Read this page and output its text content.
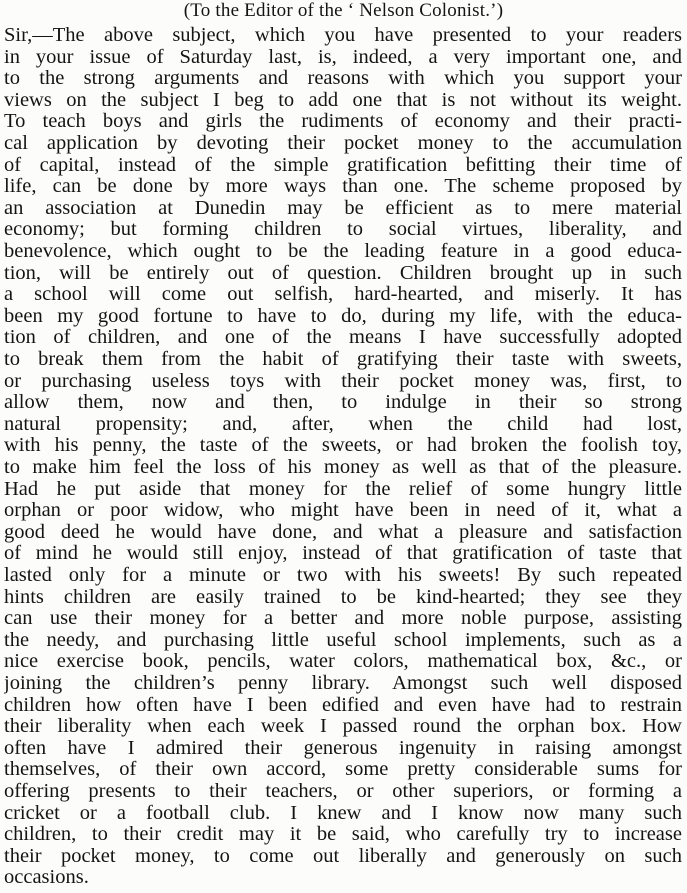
(To the Editor of the ‘ Nelson Colonist.’)
Sir,—The above subject, which you have presented to your readers
in your issue of Saturday last, is, indeed, a very important one, and
to the strong arguments and reasons with which you support your
views on the subject I beg to add one that is not without its weight.
To teach boys and girls the rudiments of economy and their practi-
cal application by devoting their pocket money to the accumulation
of capital, instead of the simple gratification befitting their time of
life, can be done by more ways than one. The scheme proposed by
an association at Dunedin may be efficient as to mere material
economy; but forming children to social virtues, liberality, and
benevolence, which ought to be the leading feature in a good educa-
tion, will be entirely out of question. Children brought up in such
a school will come out selfish, hard-hearted, and miserly. It has
been my good fortune to have to do, during my life, with the educa-
tion of children, and one of the means I have successfully adopted
to break them from the habit of gratifying their taste with sweets,
or purchasing useless toys with their pocket money was, first, to
allow them, now and then, to indulge in their so strong
natural propensity; and, after, when the child had lost,
with his penny, the taste of the sweets, or had broken the foolish toy,
to make him feel the loss of his money as well as that of the pleasure.
Had he put aside that money for the relief of some hungry little
orphan or poor widow, who might have been in need of it, what a
good deed he would have done, and what a pleasure and satisfaction
of mind he would still enjoy, instead of that gratification of taste that
lasted only for a minute or two with his sweets! By such repeated
hints children are easily trained to be kind-hearted; they see they
can use their money for a better and more noble purpose, assisting
the needy, and purchasing little useful school implements, such as a
nice exercise book, pencils, water colors, mathematical box, &c., or
joining the children’s penny library. Amongst such well disposed
children how often have I been edified and even have had to restrain
their liberality when each week I passed round the orphan box. How
often have I admired their generous ingenuity in raising amongst
themselves, of their own accord, some pretty considerable sums for
offering presents to their teachers, or other superiors, or forming a
cricket or a football club. I knew and I know now many such
children, to their credit may it be said, who carefully try to increase
their pocket money, to come out liberally and generously on such
occasions.
